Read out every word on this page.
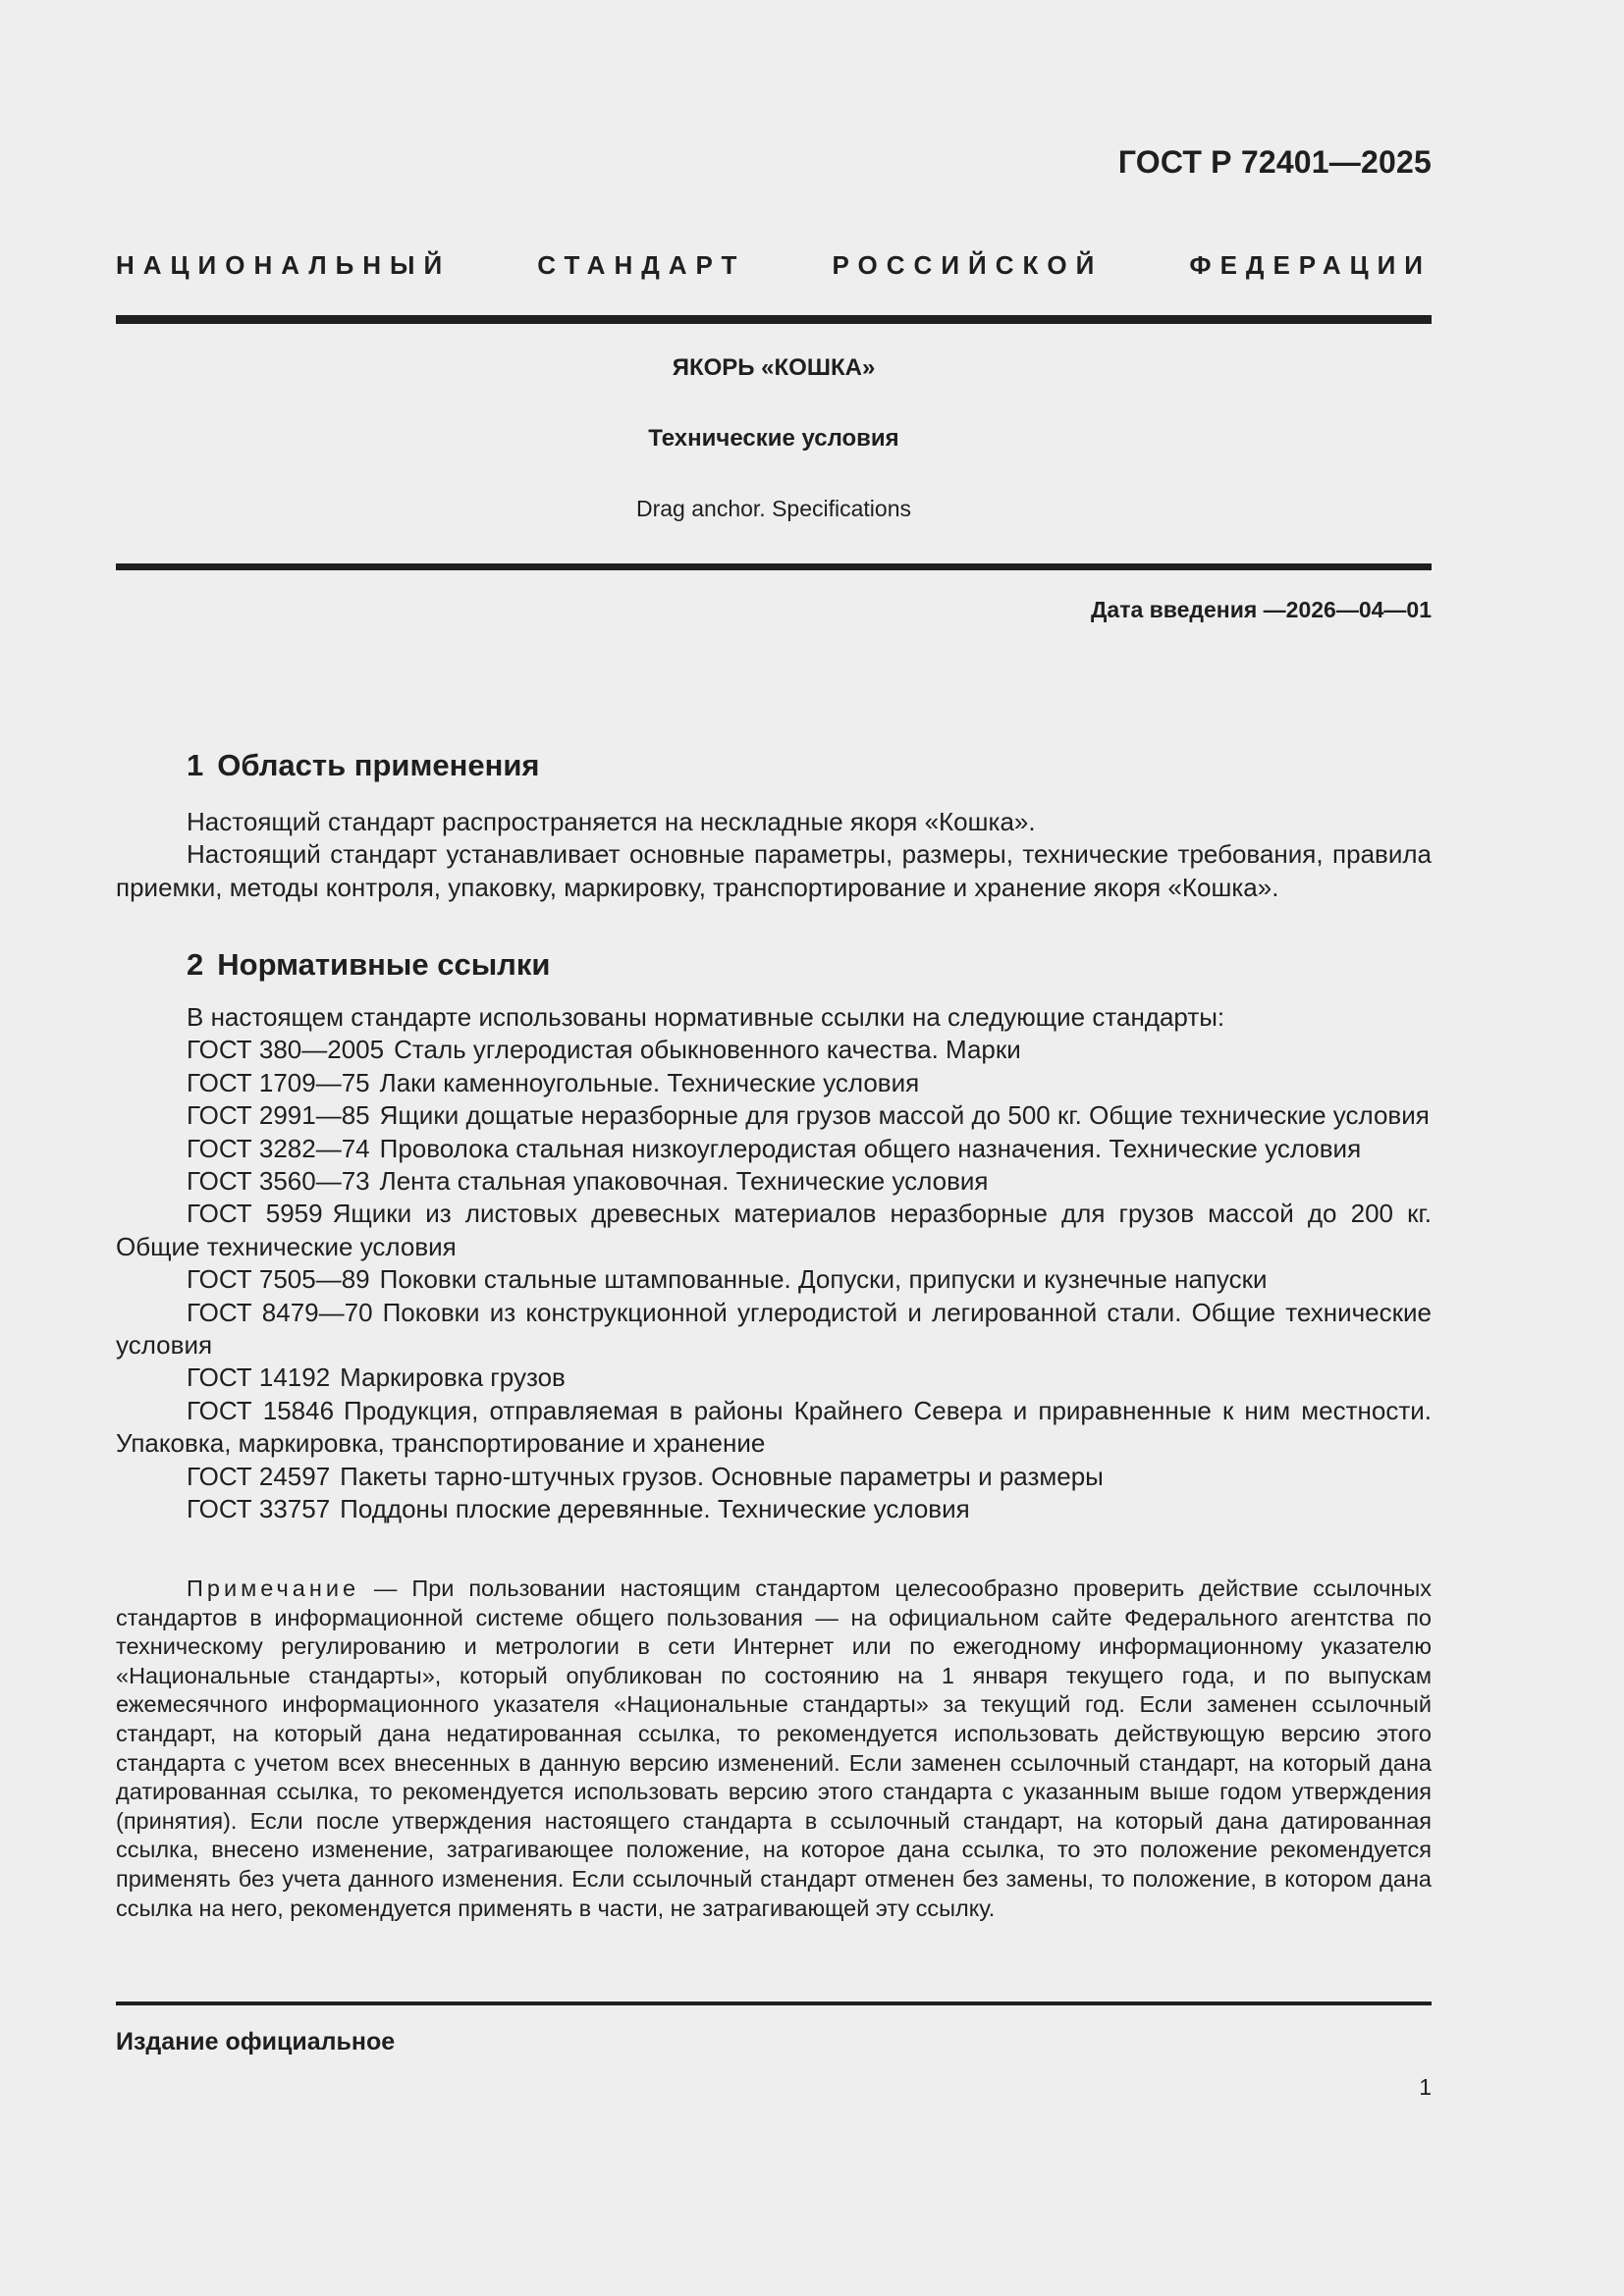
ГОСТ Р 72401—2025
НАЦИОНАЛЬНЫЙ СТАНДАРТ РОССИЙСКОЙ ФЕДЕРАЦИИ
ЯКОРЬ «КОШКА»
Технические условия
Drag anchor. Specifications
Дата введения —2026—04—01
1 Область применения

Настоящий стандарт распространяется на нескладные якоря «Кошка».

Настоящий стандарт устанавливает основные параметры, размеры, технические требования, правила приемки, методы контроля, упаковку, маркировку, транспортирование и хранение якоря «Кошка».

2 Нормативные ссылки

В настоящем стандарте использованы нормативные ссылки на следующие стандарты:

ГОСТ 380—2005 Сталь углеродистая обыкновенного качества. Марки

ГОСТ 1709—75 Лаки каменноугольные. Технические условия

ГОСТ 2991—85 Ящики дощатые неразборные для грузов массой до 500 кг. Общие технические условия

ГОСТ 3282—74 Проволока стальная низкоуглеродистая общего назначения. Технические условия

ГОСТ 3560—73 Лента стальная упаковочная. Технические условия

ГОСТ 5959 Ящики из листовых древесных материалов неразборные для грузов массой до 200 кг. Общие технические условия

ГОСТ 7505—89 Поковки стальные штампованные. Допуски, припуски и кузнечные напуски

ГОСТ 8479—70 Поковки из конструкционной углеродистой и легированной стали. Общие технические условия

ГОСТ 14192 Маркировка грузов

ГОСТ 15846 Продукция, отправляемая в районы Крайнего Севера и приравненные к ним местности. Упаковка, маркировка, транспортирование и хранение

ГОСТ 24597 Пакеты тарно-штучных грузов. Основные параметры и размеры

ГОСТ 33757 Поддоны плоские деревянные. Технические условия

Примечание — При пользовании настоящим стандартом целесообразно проверить действие ссылочных стандартов в информационной системе общего пользования — на официальном сайте Федерального агентства по техническому регулированию и метрологии в сети Интернет или по ежегодному информационному указателю «Национальные стандарты», который опубликован по состоянию на 1 января текущего года, и по выпускам ежемесячного информационного указателя «Национальные стандарты» за текущий год. Если заменен ссылочный стандарт, на который дана недатированная ссылка, то рекомендуется использовать действующую версию этого стандарта с учетом всех внесенных в данную версию изменений. Если заменен ссылочный стандарт, на который дана датированная ссылка, то рекомендуется использовать версию этого стандарта с указанным выше годом утверждения (принятия). Если после утверждения настоящего стандарта в ссылочный стандарт, на который дана датированная ссылка, внесено изменение, затрагивающее положение, на которое дана ссылка, то это положение рекомендуется применять без учета данного изменения. Если ссылочный стандарт отменен без замены, то положение, в котором дана ссылка на него, рекомендуется применять в части, не затрагивающей эту ссылку.

Издание официальное
1
